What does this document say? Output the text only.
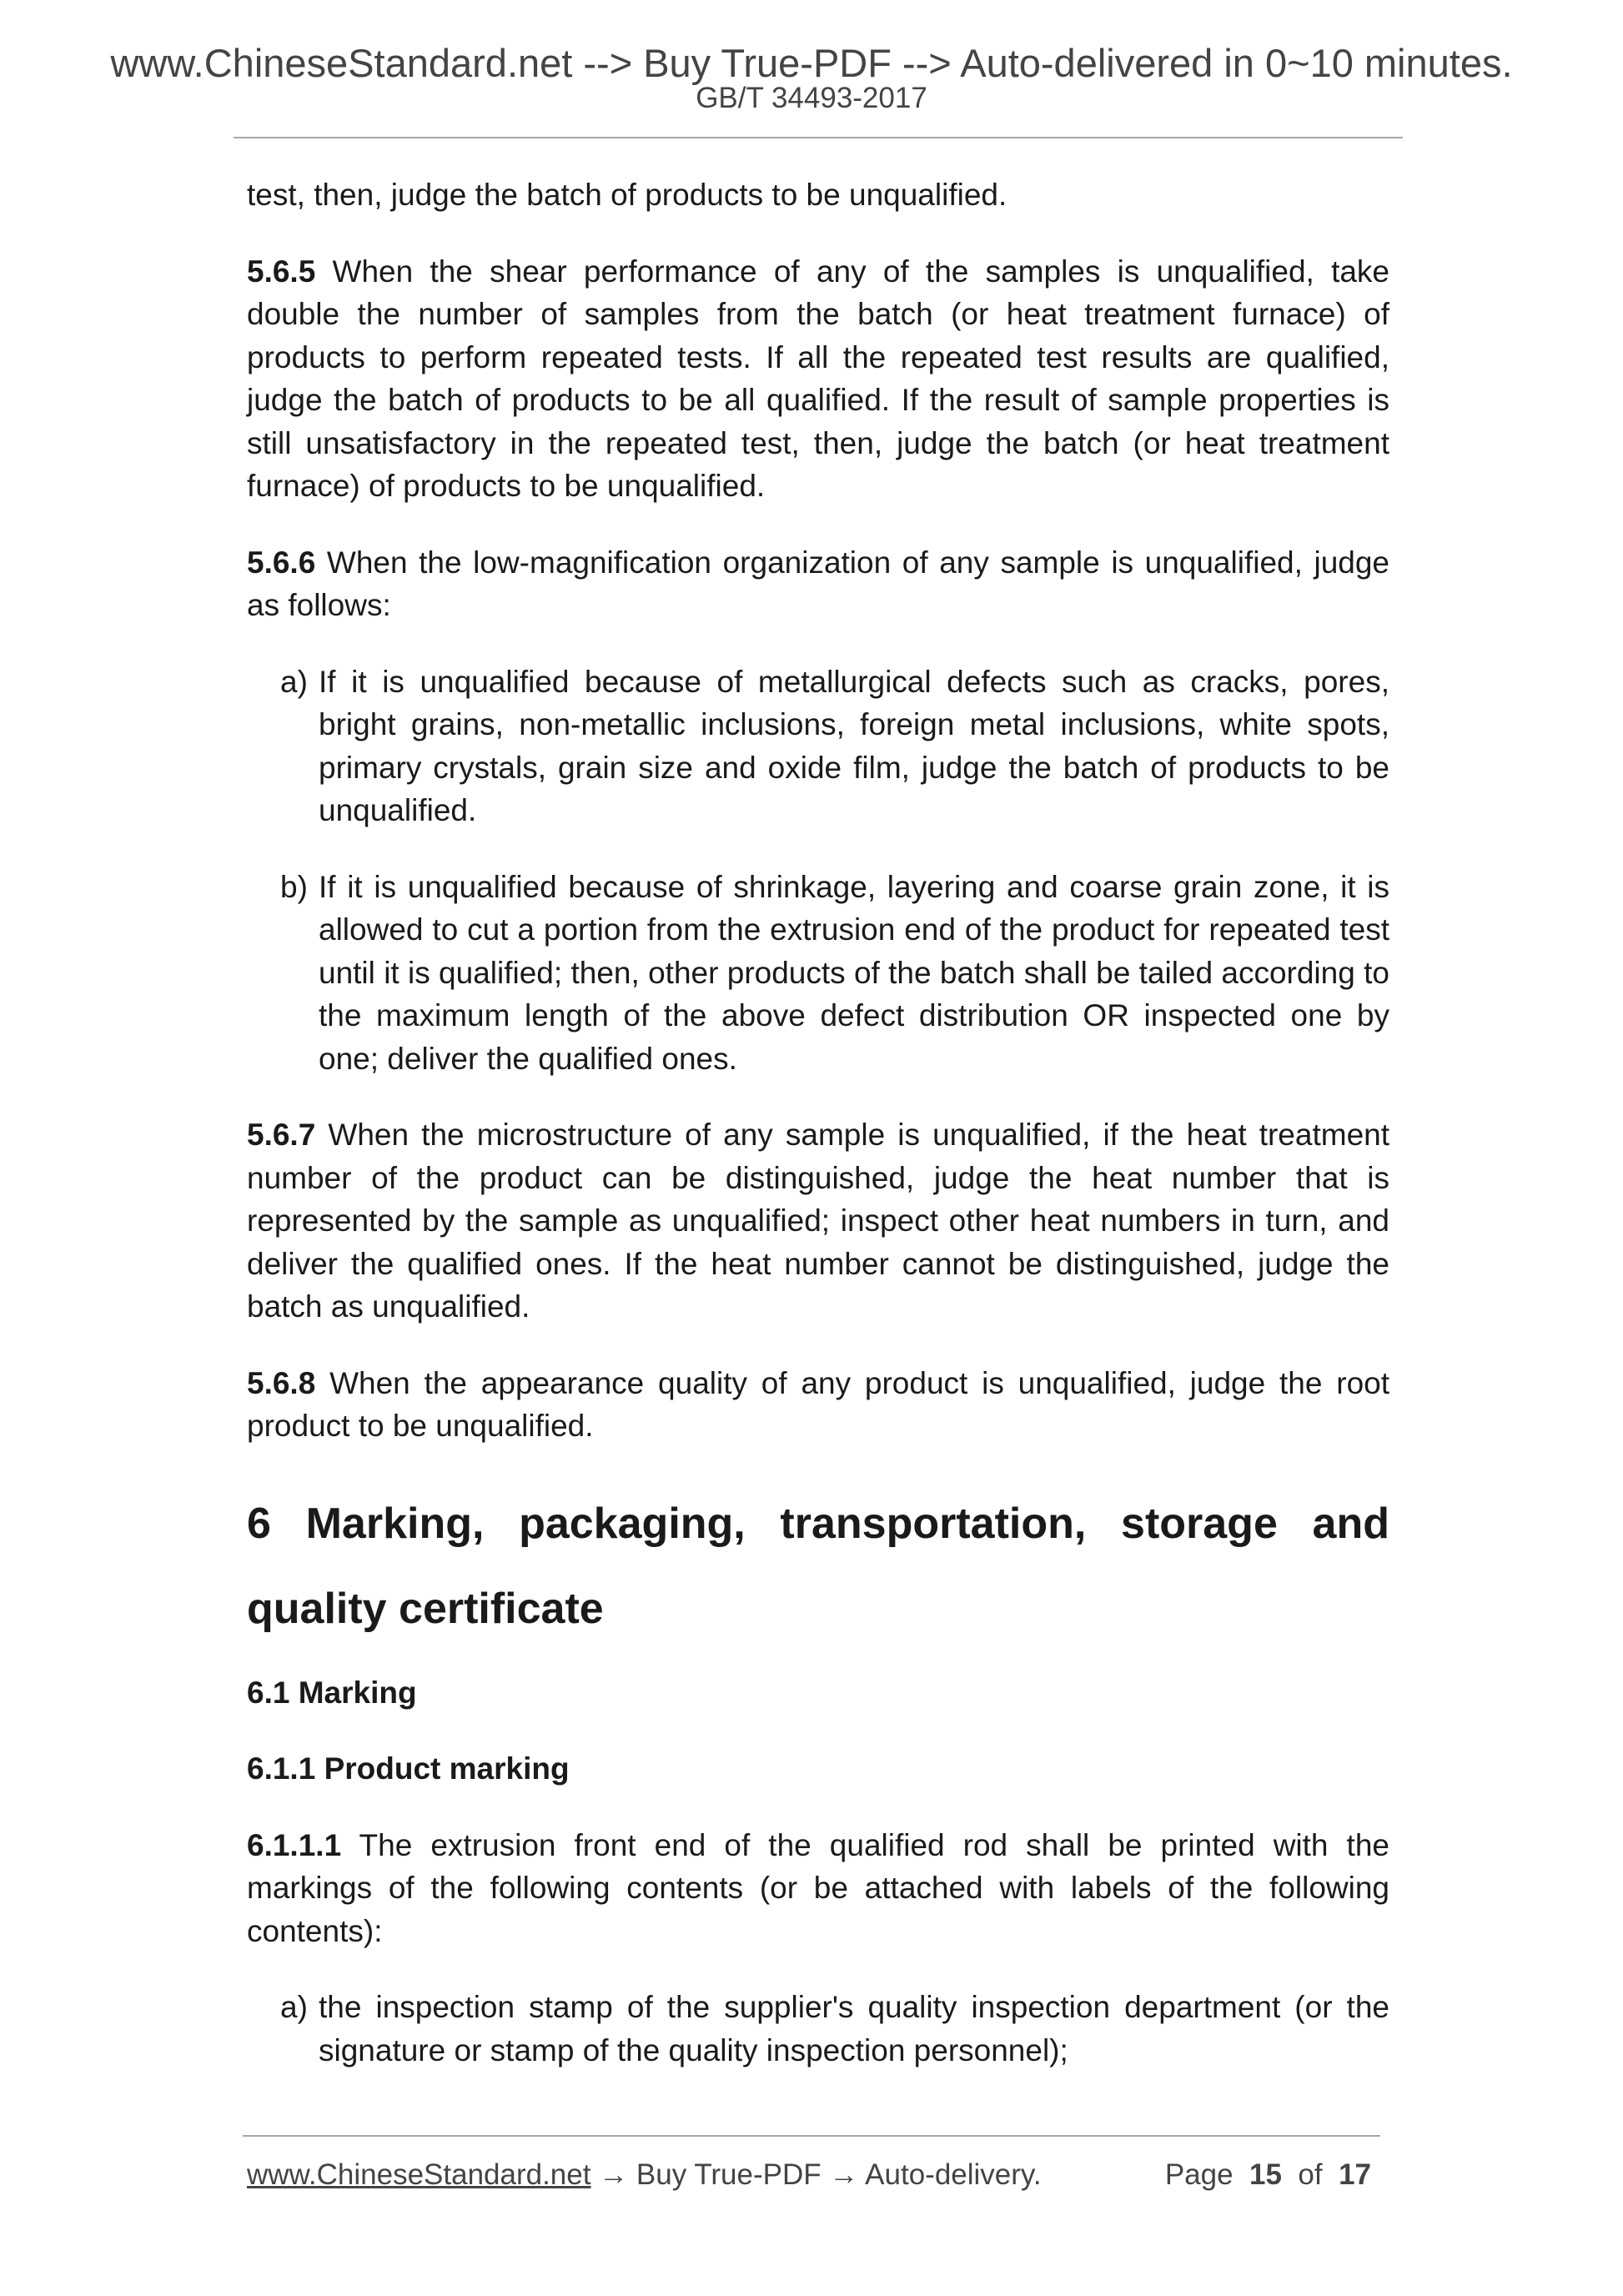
www.ChineseStandard.net --> Buy True-PDF --> Auto-delivered in 0~10 minutes.
GB/T 34493-2017

test, then, judge the batch of products to be unqualified.

5.6.5 When the shear performance of any of the samples is unqualified, take double the number of samples from the batch (or heat treatment furnace) of products to perform repeated tests. If all the repeated test results are qualified, judge the batch of products to be all qualified. If the result of sample properties is still unsatisfactory in the repeated test, then, judge the batch (or heat treatment furnace) of products to be unqualified.

5.6.6 When the low-magnification organization of any sample is unqualified, judge as follows:

a) If it is unqualified because of metallurgical defects such as cracks, pores, bright grains, non-metallic inclusions, foreign metal inclusions, white spots, primary crystals, grain size and oxide film, judge the batch of products to be unqualified.
b) If it is unqualified because of shrinkage, layering and coarse grain zone, it is allowed to cut a portion from the extrusion end of the product for repeated test until it is qualified; then, other products of the batch shall be tailed according to the maximum length of the above defect distribution OR inspected one by one; deliver the qualified ones.

5.6.7 When the microstructure of any sample is unqualified, if the heat treatment number of the product can be distinguished, judge the heat number that is represented by the sample as unqualified; inspect other heat numbers in turn, and deliver the qualified ones. If the heat number cannot be distinguished, judge the batch as unqualified.

5.6.8 When the appearance quality of any product is unqualified, judge the root product to be unqualified.

6 Marking, packaging, transportation, storage and quality certificate
6.1 Marking
6.1.1 Product marking

6.1.1.1 The extrusion front end of the qualified rod shall be printed with the markings of the following contents (or be attached with labels of the following contents):

a) the inspection stamp of the supplier's quality inspection department (or the signature or stamp of the quality inspection personnel);
www.ChineseStandard.net → Buy True-PDF → Auto-delivery.	Page 15 of 17
